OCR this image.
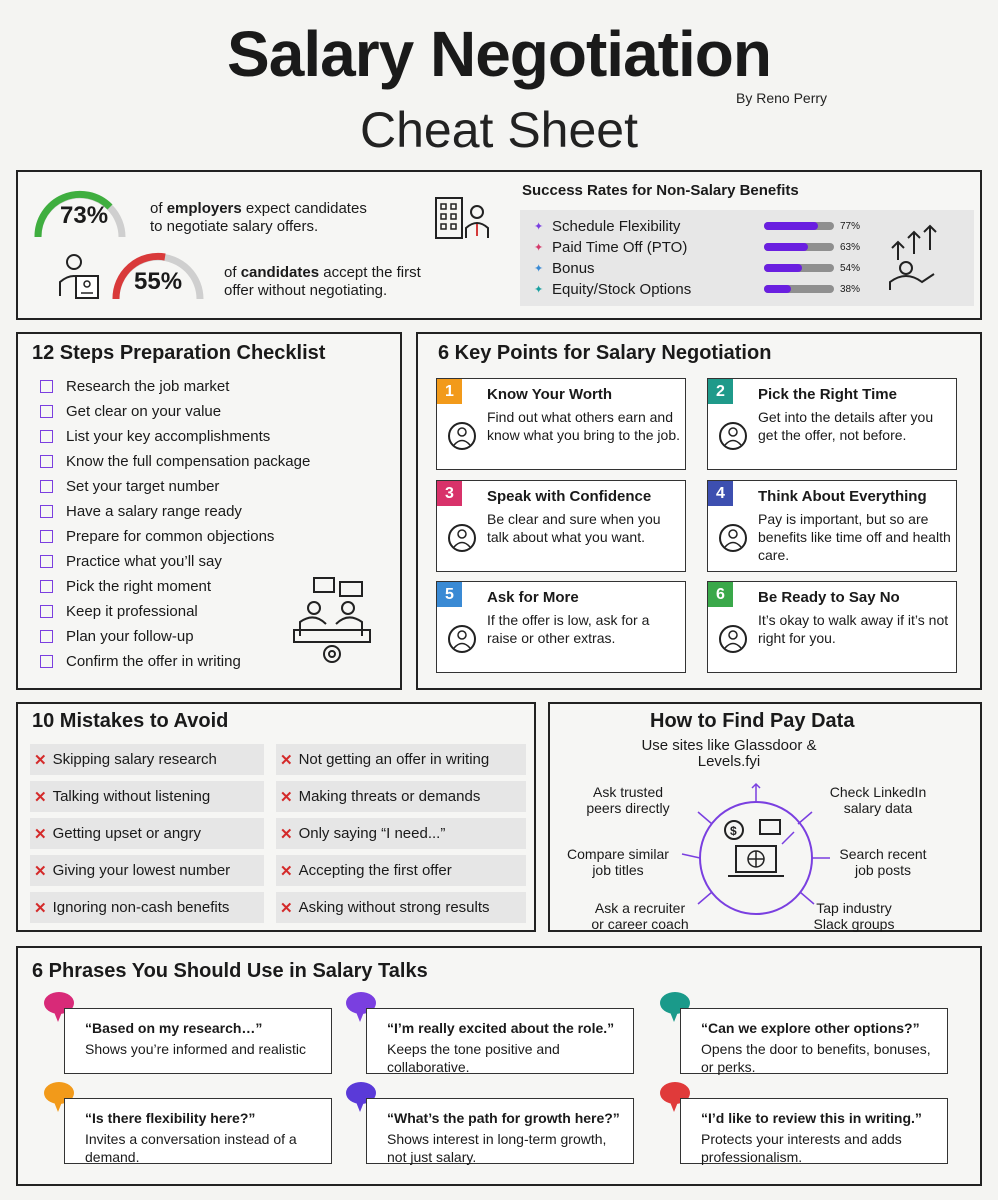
Salary Negotiation
Cheat Sheet
By Reno Perry
73%	of employers expect candidates
to negotiate salary offers.
55%	of candidates accept the first
offer without negotiating.
Success Rates for Non-Salary Benefits
✦ Schedule Flexibility	77%
✦ Paid Time Off (PTO)	63%
✦ Bonus	54%
✦ Equity/Stock Options	38%
12 Steps Preparation Checklist
Research the job market
Get clear on your value
List your key accomplishments
Know the full compensation package
Set your target number
Have a salary range ready
Prepare for common objections
Practice what you’ll say
Pick the right moment
Keep it professional
Plan your follow-up
Confirm the offer in writing
6 Key Points for Salary Negotiation
1	Know Your Worth
Find out what others earn and know what you bring to the job.
2	Pick the Right Time
Get into the details after you get the offer, not before.
3	Speak with Confidence
Be clear and sure when you talk about what you want.
4	Think About Everything
Pay is important, but so are benefits like time off and health care.
5	Ask for More
If the offer is low, ask for a raise or other extras.
6	Be Ready to Say No
It’s okay to walk away if it’s not right for you.
10 Mistakes to Avoid
✕ Skipping salary research
✕ Talking without listening
✕ Getting upset or angry
✕ Giving your lowest number
✕ Ignoring non-cash benefits
✕ Not getting an offer in writing
✕ Making threats or demands
✕ Only saying “I need...”
✕ Accepting the first offer
✕ Asking without strong results
How to Find Pay Data
$
Use sites like Glassdoor &
Levels.fyi
Check LinkedIn
salary data
Search recent
job posts
Tap industry
Slack groups
Ask a recruiter
or career coach
Compare similar
job titles
Ask trusted
peers directly
6 Phrases You Should Use in Salary Talks
“Based on my research…”
Shows you’re informed and realistic
“I’m really excited about the role.”
Keeps the tone positive and collaborative.
“Can we explore other options?”
Opens the door to benefits, bonuses, or perks.
“Is there flexibility here?”
Invites a conversation instead of a demand.
“What’s the path for growth here?”
Shows interest in long-term growth, not just salary.
“I’d like to review this in writing.”
Protects your interests and adds professionalism.
